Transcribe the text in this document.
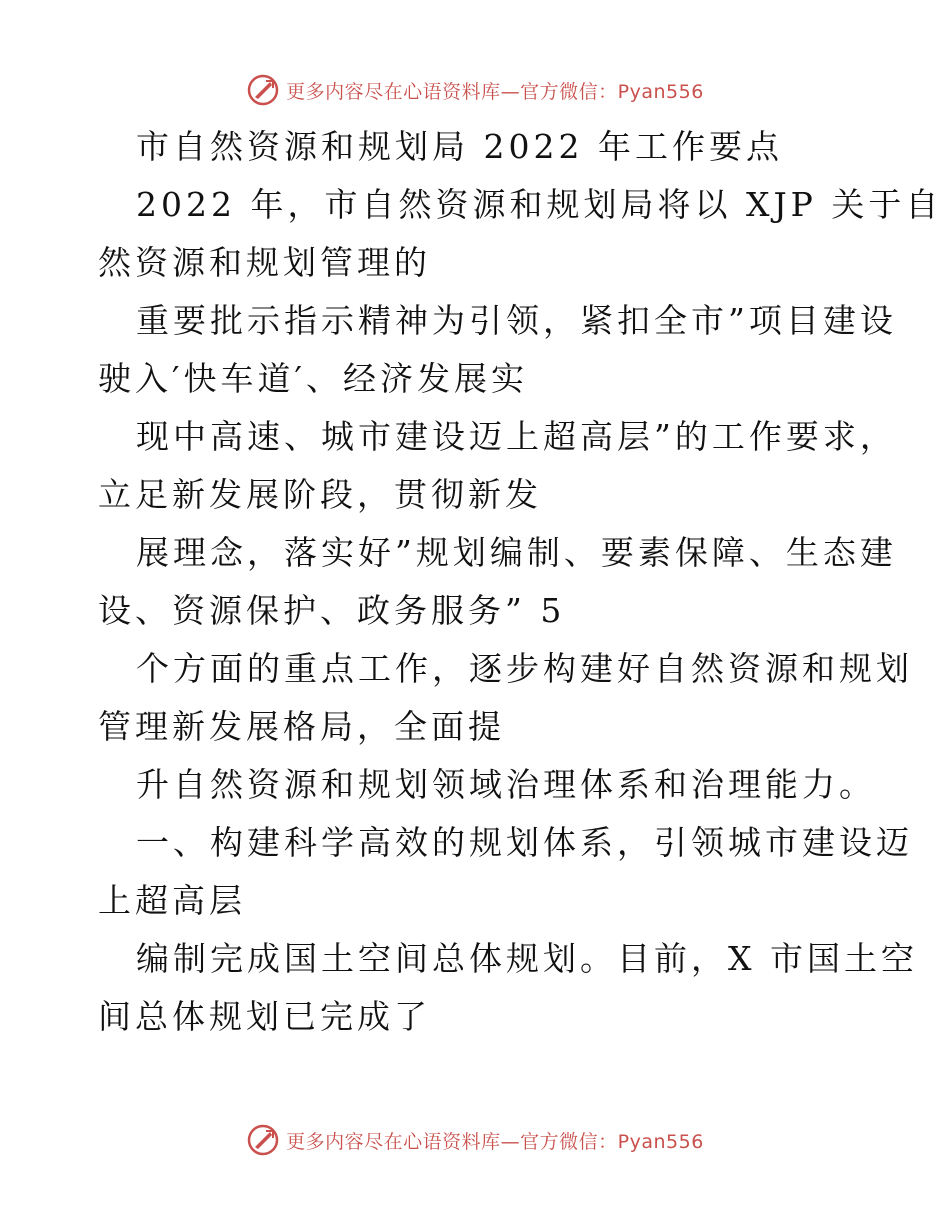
更多内容尽在心语资料库—官方微信：Pyan556

市自然资源和规划局 2022 年工作要点

2022 年，市自然资源和规划局将以 XJP 关于自

然资源和规划管理的

重要批示指示精神为引领，紧扣全市”项目建设

驶入′快车道′、经济发展实

现中高速、城市建设迈上超高层”的工作要求，

立足新发展阶段，贯彻新发

展理念，落实好”规划编制、要素保障、生态建

设、资源保护、政务服务” 5

个方面的重点工作，逐步构建好自然资源和规划

管理新发展格局，全面提

升自然资源和规划领域治理体系和治理能力。

一、构建科学高效的规划体系，引领城市建设迈

上超高层

编制完成国土空间总体规划。目前，X 市国土空

间总体规划已完成了

更多内容尽在心语资料库—官方微信：Pyan556
